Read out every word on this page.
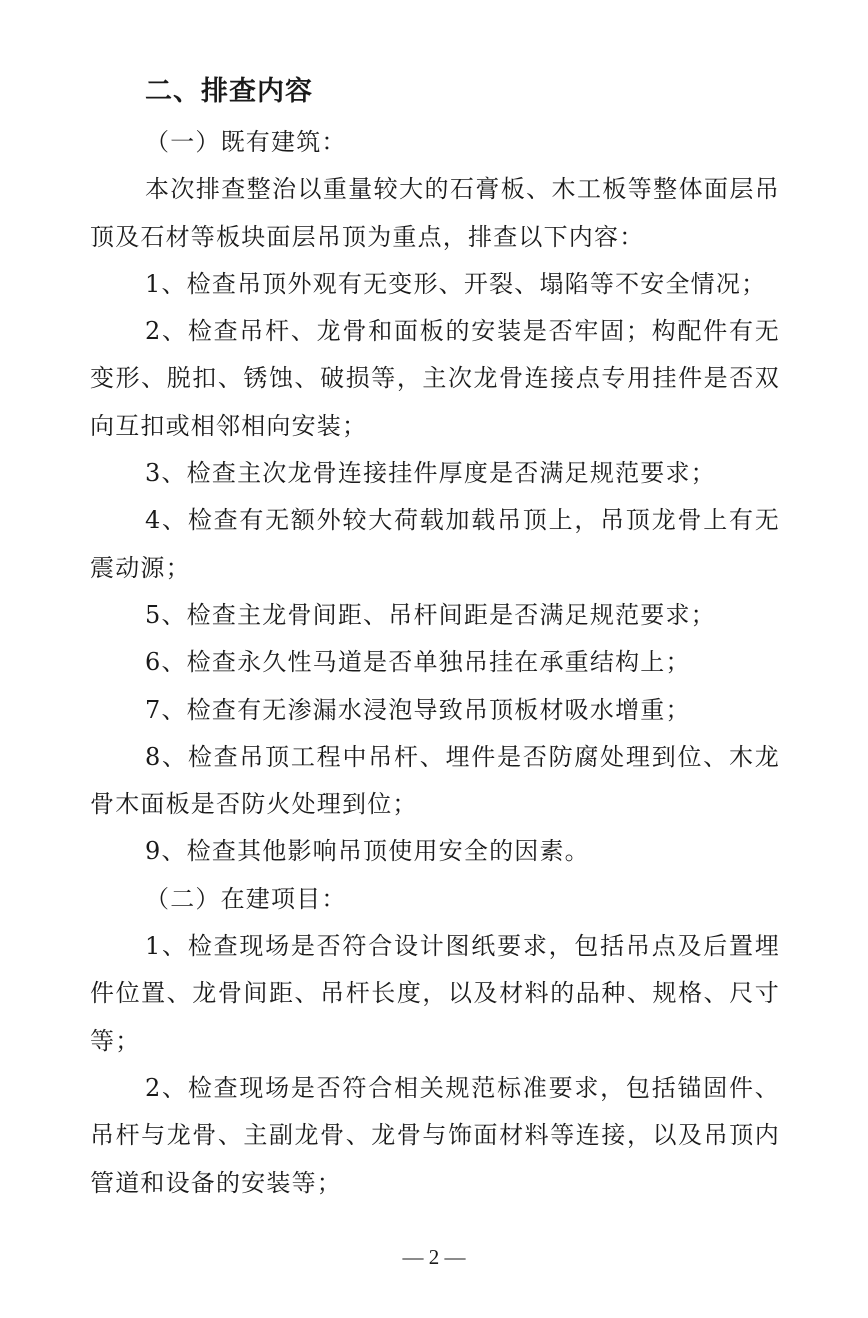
二、排查内容

（一）既有建筑：

本次排查整治以重量较大的石膏板、木工板等整体面层吊顶及石材等板块面层吊顶为重点，排查以下内容：

1、检查吊顶外观有无变形、开裂、塌陷等不安全情况；

2、检查吊杆、龙骨和面板的安装是否牢固；构配件有无变形、脱扣、锈蚀、破损等，主次龙骨连接点专用挂件是否双向互扣或相邻相向安装；

3、检查主次龙骨连接挂件厚度是否满足规范要求；

4、检查有无额外较大荷载加载吊顶上，吊顶龙骨上有无震动源；

5、检查主龙骨间距、吊杆间距是否满足规范要求；

6、检查永久性马道是否单独吊挂在承重结构上；

7、检查有无渗漏水浸泡导致吊顶板材吸水增重；

8、检查吊顶工程中吊杆、埋件是否防腐处理到位、木龙骨木面板是否防火处理到位；

9、检查其他影响吊顶使用安全的因素。

（二）在建项目：

1、检查现场是否符合设计图纸要求，包括吊点及后置埋件位置、龙骨间距、吊杆长度，以及材料的品种、规格、尺寸等；

2、检查现场是否符合相关规范标准要求，包括锚固件、吊杆与龙骨、主副龙骨、龙骨与饰面材料等连接，以及吊顶内管道和设备的安装等；

— 2 —
